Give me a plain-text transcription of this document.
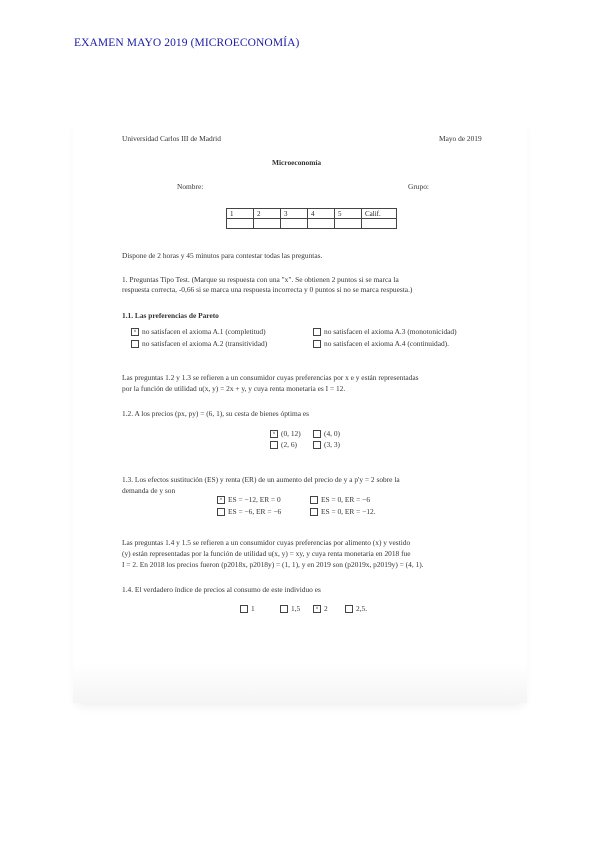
EXAMEN MAYO 2019 (MICROECONOMÍA)
Universidad Carlos III de Madrid	Mayo de 2019
Microeconomía
Nombre:	Grupo:
1	2	3	4	5	Calif.

Dispone de 2 horas y 45 minutos para contestar todas las preguntas.
1. Preguntas Tipo Test. (Marque su respuesta con una "x". Se obtienen 2 puntos si se marca la
respuesta correcta, -0,66 si se marca una respuesta incorrecta y 0 puntos si no se marca respuesta.)
1.1. Las preferencias de Pareto
×no satisfacen el axioma A.1 (completitud)	no satisfacen el axioma A.3 (monotonicidad)
no satisfacen el axioma A.2 (transitividad)	no satisfacen el axioma A.4 (continuidad).
Las preguntas 1.2 y 1.3 se refieren a un consumidor cuyas preferencias por x e y están representadas
por la función de utilidad u(x, y) = 2x + y, y cuya renta monetaria es I = 12.
1.2. A los precios (px, py) = (6, 1), su cesta de bienes óptima es
×(0, 12)	(4, 0)
(2, 6)	(3, 3)
1.3. Los efectos sustitución (ES) y renta (ER) de un aumento del precio de y a p'y = 2 sobre la
demanda de y son
×ES = −12, ER = 0	ES = 0, ER = −6
ES = −6, ER = −6	ES = 0, ER = −12.
Las preguntas 1.4 y 1.5 se refieren a un consumidor cuyas preferencias por alimento (x) y vestido
(y) están representadas por la función de utilidad u(x, y) = xy, y cuya renta monetaria en 2018 fue
I = 2. En 2018 los precios fueron (p2018x, p2018y) = (1, 1), y en 2019 son (p2019x, p2019y) = (4, 1).
1.4. El verdadero índice de precios al consumo de este individuo es
1	1,5 ×	2	2,5.
